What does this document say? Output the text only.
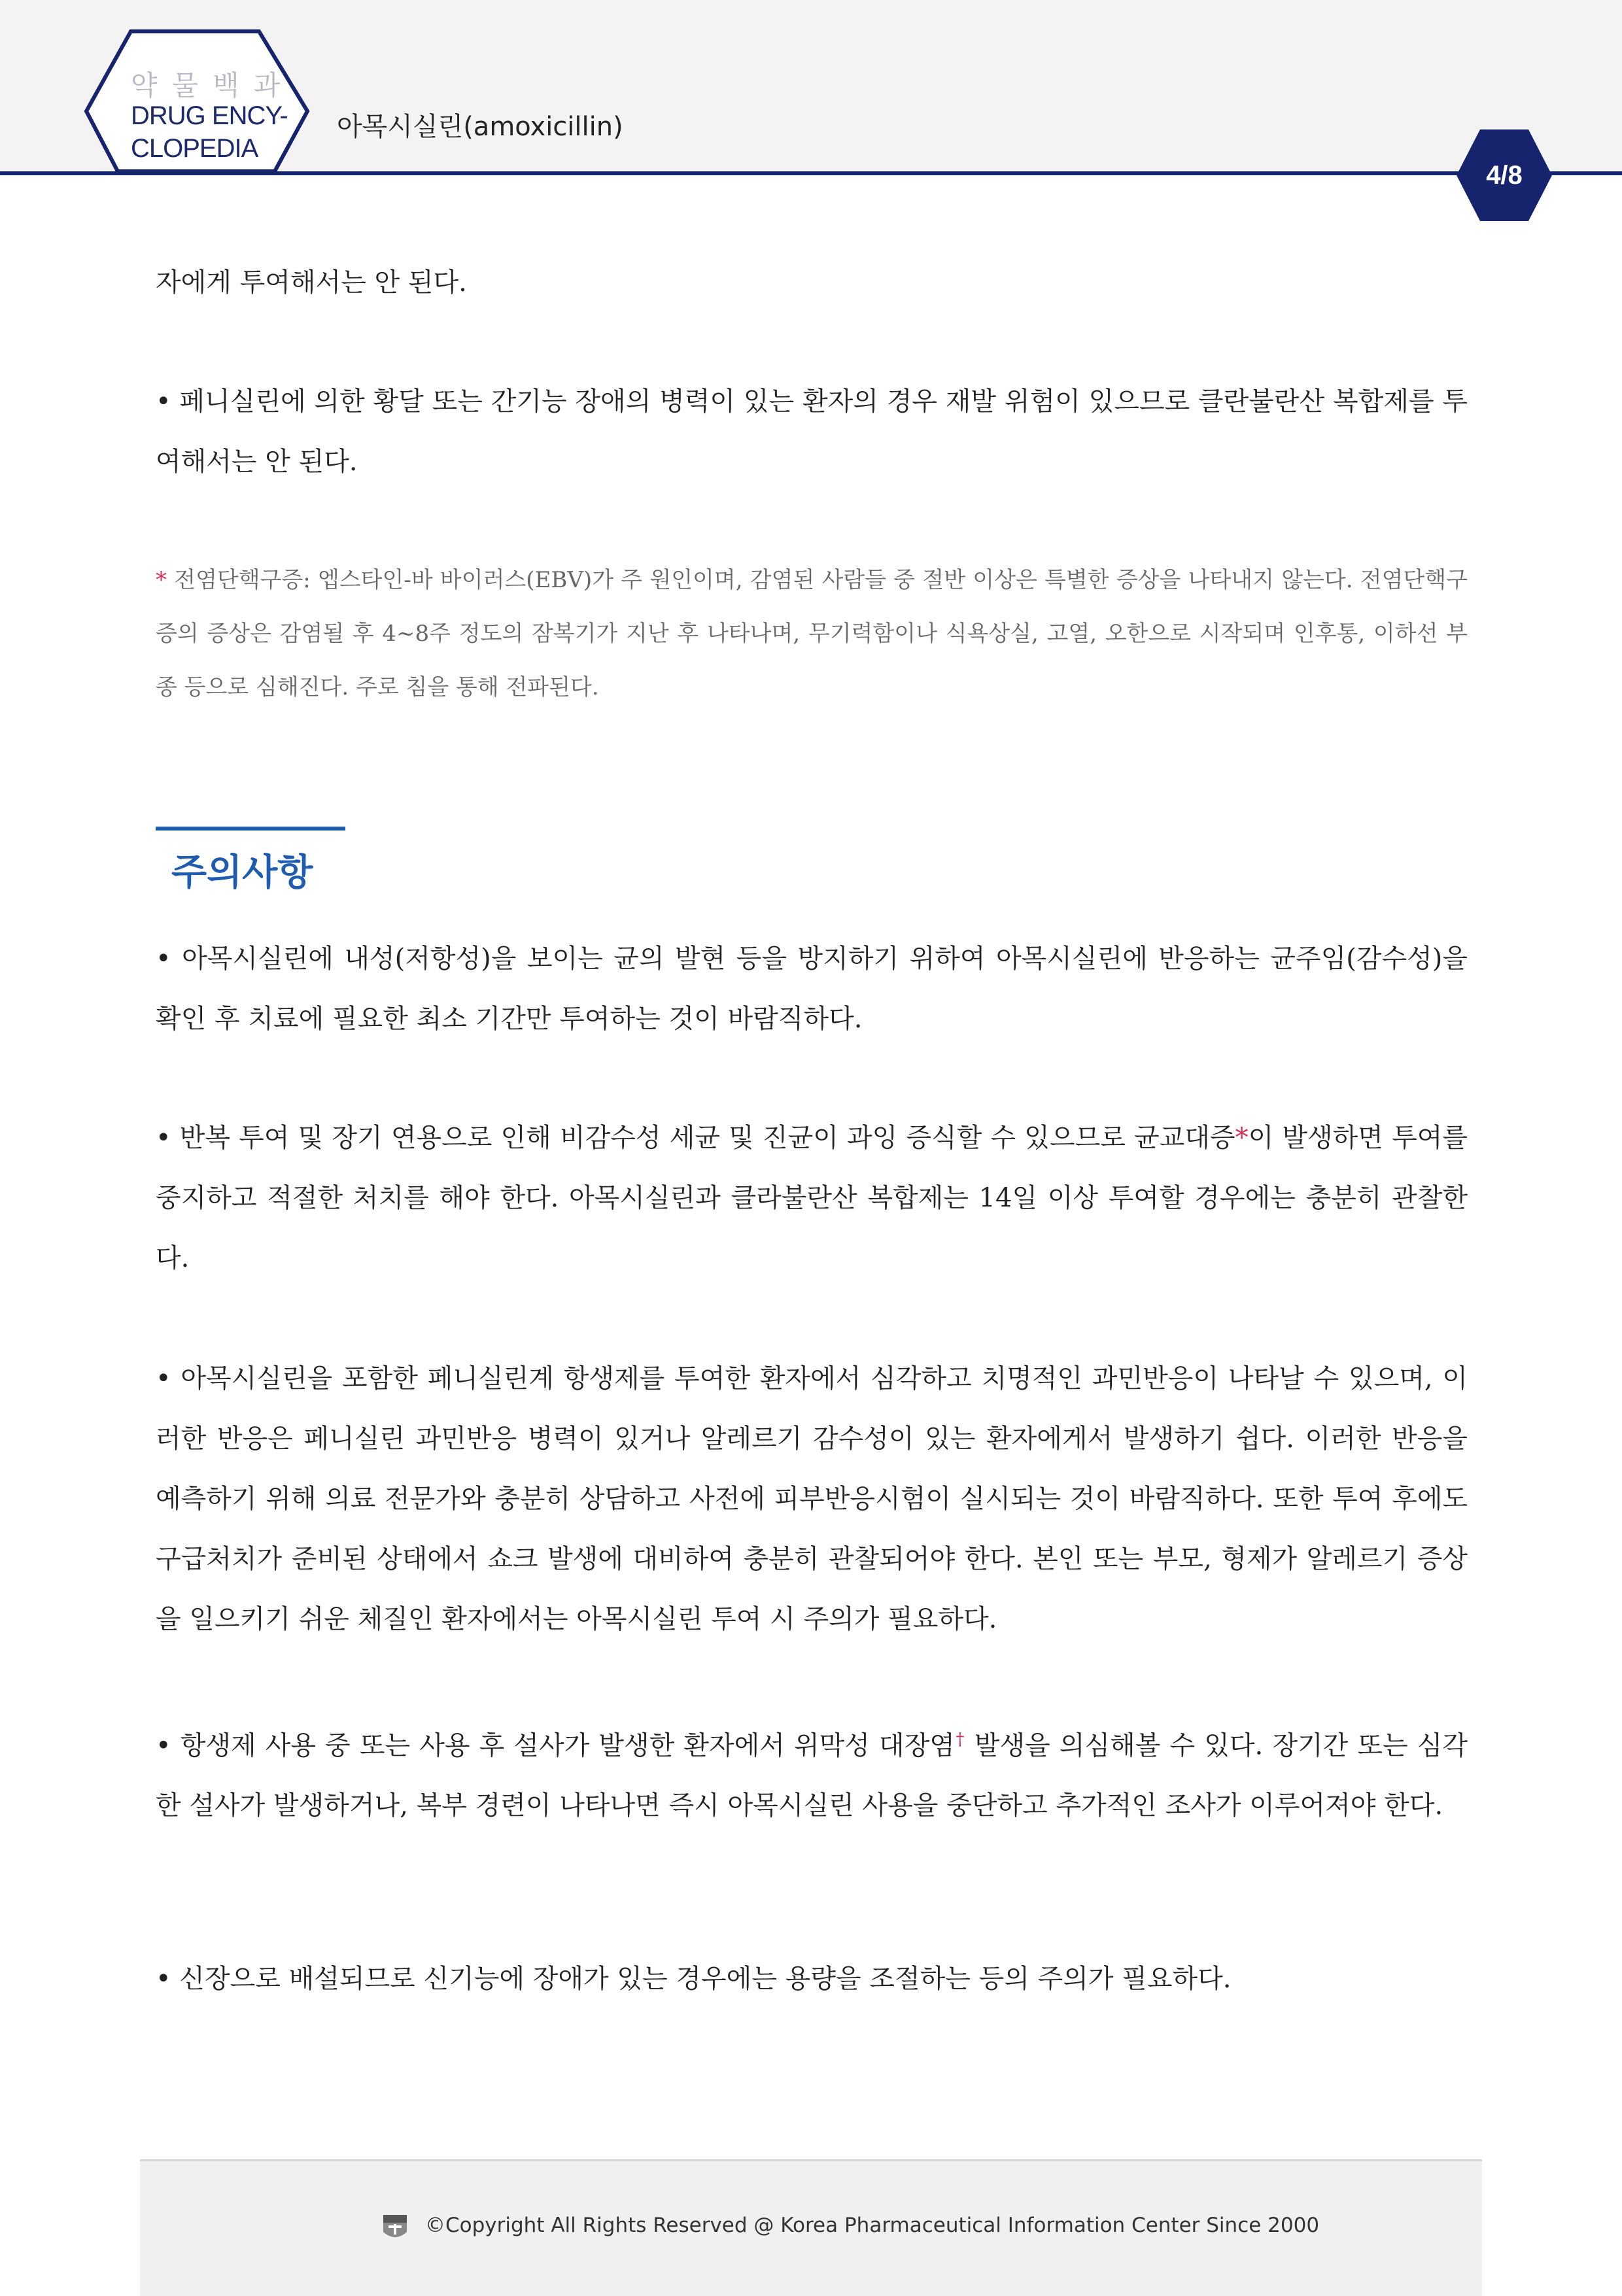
약물백과
DRUG ENCY-
CLOPEDIA
아목시실린(amoxicillin)
4/8

자에게 투여해서는 안 된다.

• 페니실린에 의한 황달 또는 간기능 장애의 병력이 있는 환자의 경우 재발 위험이 있으므로 클란불란산 복합제를 투여해서는 안 된다.

* 전염단핵구증: 엡스타인-바 바이러스(EBV)가 주 원인이며, 감염된 사람들 중 절반 이상은 특별한 증상을 나타내지 않는다. 전염단핵구증의 증상은 감염될 후 4~8주 정도의 잠복기가 지난 후 나타나며, 무기력함이나 식욕상실, 고열, 오한으로 시작되며 인후통, 이하선 부종 등으로 심해진다. 주로 침을 통해 전파된다.

주의사항

• 아목시실린에 내성(저항성)을 보이는 균의 발현 등을 방지하기 위하여 아목시실린에 반응하는 균주임(감수성)을 확인 후 치료에 필요한 최소 기간만 투여하는 것이 바람직하다.

• 반복 투여 및 장기 연용으로 인해 비감수성 세균 및 진균이 과잉 증식할 수 있으므로 균교대증*이 발생하면 투여를 중지하고 적절한 처치를 해야 한다. 아목시실린과 클라불란산 복합제는 14일 이상 투여할 경우에는 충분히 관찰한다.

• 아목시실린을 포함한 페니실린계 항생제를 투여한 환자에서 심각하고 치명적인 과민반응이 나타날 수 있으며, 이러한 반응은 페니실린 과민반응 병력이 있거나 알레르기 감수성이 있는 환자에게서 발생하기 쉽다. 이러한 반응을 예측하기 위해 의료 전문가와 충분히 상담하고 사전에 피부반응시험이 실시되는 것이 바람직하다. 또한 투여 후에도 구급처치가 준비된 상태에서 쇼크 발생에 대비하여 충분히 관찰되어야 한다. 본인 또는 부모, 형제가 알레르기 증상을 일으키기 쉬운 체질인 환자에서는 아목시실린 투여 시 주의가 필요하다.

• 항생제 사용 중 또는 사용 후 설사가 발생한 환자에서 위막성 대장염† 발생을 의심해볼 수 있다. 장기간 또는 심각한 설사가 발생하거나, 복부 경련이 나타나면 즉시 아목시실린 사용을 중단하고 추가적인 조사가 이루어져야 한다.

• 신장으로 배설되므로 신기능에 장애가 있는 경우에는 용량을 조절하는 등의 주의가 필요하다.

©Copyright All Rights Reserved @ Korea Pharmaceutical Information Center Since 2000
